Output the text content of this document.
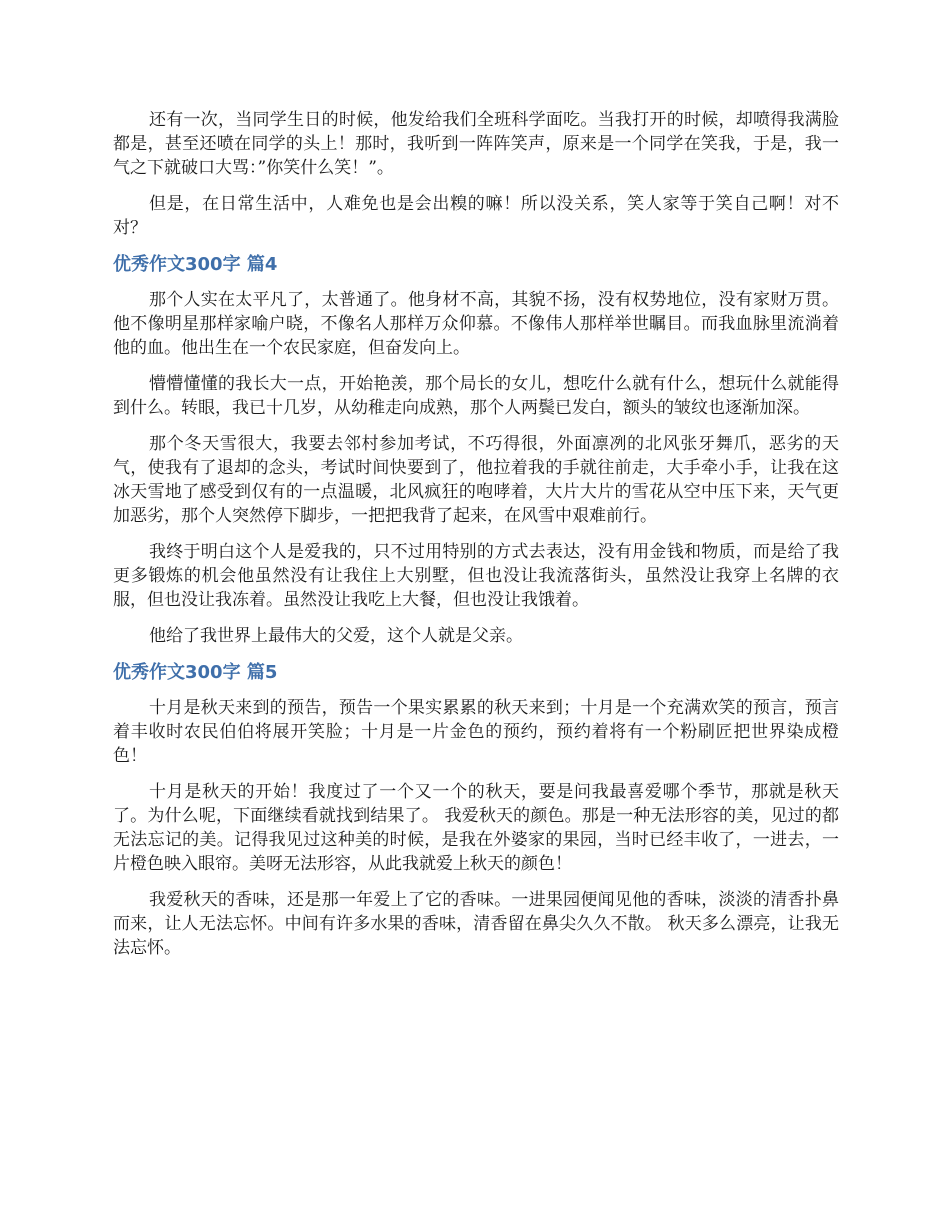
还有一次，当同学生日的时候，他发给我们全班科学面吃。当我打开的时候，却喷得我满脸都是，甚至还喷在同学的头上！那时，我听到一阵阵笑声，原来是一个同学在笑我，于是，我一气之下就破口大骂：”你笑什么笑！”。

但是，在日常生活中，人难免也是会出糗的嘛！所以没关系，笑人家等于笑自己啊！对不对？

优秀作文300字 篇4

那个人实在太平凡了，太普通了。他身材不高，其貌不扬，没有权势地位，没有家财万贯。他不像明星那样家喻户晓，不像名人那样万众仰慕。不像伟人那样举世瞩目。而我血脉里流淌着他的血。他出生在一个农民家庭，但奋发向上。

懵懵懂懂的我长大一点，开始艳羡，那个局长的女儿，想吃什么就有什么，想玩什么就能得到什么。转眼，我已十几岁，从幼稚走向成熟，那个人两鬓已发白，额头的皱纹也逐渐加深。

那个冬天雪很大，我要去邻村参加考试，不巧得很，外面凛冽的北风张牙舞爪，恶劣的天气，使我有了退却的念头，考试时间快要到了，他拉着我的手就往前走，大手牵小手，让我在这冰天雪地了感受到仅有的一点温暖，北风疯狂的咆哮着，大片大片的雪花从空中压下来，天气更加恶劣，那个人突然停下脚步，一把把我背了起来，在风雪中艰难前行。

我终于明白这个人是爱我的，只不过用特别的方式去表达，没有用金钱和物质，而是给了我更多锻炼的机会他虽然没有让我住上大别墅，但也没让我流落街头，虽然没让我穿上名牌的衣服，但也没让我冻着。虽然没让我吃上大餐，但也没让我饿着。

他给了我世界上最伟大的父爱，这个人就是父亲。

优秀作文300字 篇5

十月是秋天来到的预告，预告一个果实累累的秋天来到；十月是一个充满欢笑的预言，预言着丰收时农民伯伯将展开笑脸；十月是一片金色的预约，预约着将有一个粉刷匠把世界染成橙色！

十月是秋天的开始！我度过了一个又一个的秋天，要是问我最喜爱哪个季节，那就是秋天了。为什么呢，下面继续看就找到结果了。 我爱秋天的颜色。那是一种无法形容的美，见过的都无法忘记的美。记得我见过这种美的时候，是我在外婆家的果园，当时已经丰收了，一进去，一片橙色映入眼帘。美呀无法形容，从此我就爱上秋天的颜色！

我爱秋天的香味，还是那一年爱上了它的香味。一进果园便闻见他的香味，淡淡的清香扑鼻而来，让人无法忘怀。中间有许多水果的香味，清香留在鼻尖久久不散。 秋天多么漂亮，让我无法忘怀。
